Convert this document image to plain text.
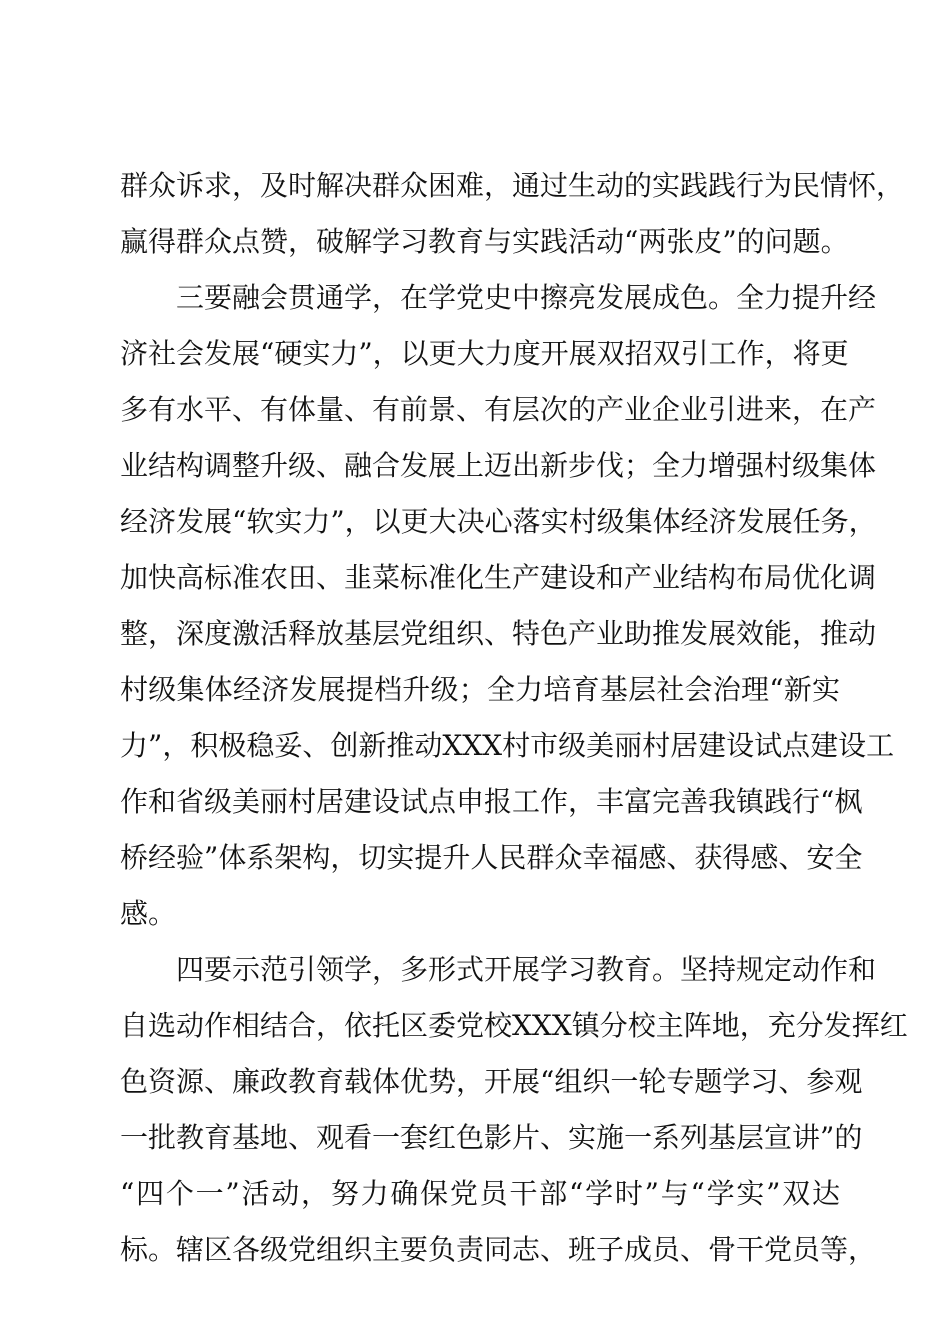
群众诉求，及时解决群众困难，通过生动的实践践行为民情怀，

赢得群众点赞，破解学习教育与实践活动“两张皮”的问题。

三要融会贯通学，在学党史中擦亮发展成色。全力提升经

济社会发展“硬实力”，以更大力度开展双招双引工作，将更

多有水平、有体量、有前景、有层次的产业企业引进来，在产

业结构调整升级、融合发展上迈出新步伐；全力增强村级集体

经济发展“软实力”，以更大决心落实村级集体经济发展任务，

加快高标准农田、韭菜标准化生产建设和产业结构布局优化调

整，深度激活释放基层党组织、特色产业助推发展效能，推动

村级集体经济发展提档升级；全力培育基层社会治理“新实

力”，积极稳妥、创新推动XXX村市级美丽村居建设试点建设工

作和省级美丽村居建设试点申报工作，丰富完善我镇践行“枫

桥经验”体系架构，切实提升人民群众幸福感、获得感、安全

感。

四要示范引领学，多形式开展学习教育。坚持规定动作和

自选动作相结合，依托区委党校XXX镇分校主阵地，充分发挥红

色资源、廉政教育载体优势，开展“组织一轮专题学习、参观

一批教育基地、观看一套红色影片、实施一系列基层宣讲”的

“四个一”活动，努力确保党员干部“学时”与“学实”双达

标。辖区各级党组织主要负责同志、班子成员、骨干党员等，
